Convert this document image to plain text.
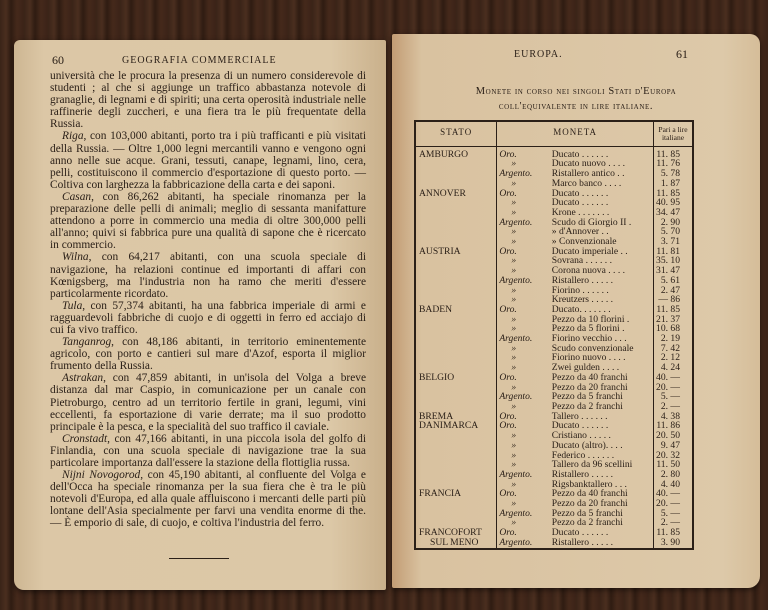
60	GEOGRAFIA COMMERCIALE

università che le procura la presenza di un numero considerevole di studenti ; al che si aggiunge un traffico abbastanza notevole di granaglie, di legnami e di spiriti; una certa operosità industriale nelle raffinerie degli zuccheri, e una fiera tra le più frequentate della Russia.

Riga, con 103,000 abitanti, porto tra i più trafficanti e più visitati della Russia. — Oltre 1,000 legni mercantili vanno e vengono ogni anno nelle sue acque. Grani, tessuti, canape, legnami, lino, cera, pelli, costituiscono il commercio d'esportazione di questo porto. — Coltiva con larghezza la fabbricazione della carta e dei saponi.

Casan, con 86,262 abitanti, ha speciale rinomanza per la preparazione delle pelli di animali; meglio di sessanta manifatture attendono a porre in commercio una media di oltre 300,000 pelli all'anno; quivi si fabbrica pure una qualità di sapone che è ricercato in commercio.

Wilna, con 64,217 abitanti, con una scuola speciale di navigazione, ha relazioni continue ed importanti di affari con Kœnigsberg, ma l'industria non ha ramo che meriti d'essere particolarmente ricordato.

Tula, con 57,374 abitanti, ha una fabbrica imperiale di armi e ragguardevoli fabbriche di cuojo e di oggetti in ferro ed acciajo di cui fa vivo traffico.

Tanganrog, con 48,186 abitanti, in territorio eminentemente agricolo, con porto e cantieri sul mare d'Azof, esporta il miglior frumento della Russia.

Astrakan, con 47,859 abitanti, in un'isola del Volga a breve distanza dal mar Caspio, in comunicazione per un canale con Pietroburgo, centro ad un territorio fertile in grani, legumi, vini eccellenti, fa esportazione di varie derrate; ma il suo prodotto principale è la pesca, e la specialità del suo traffico il caviale.

Cronstadt, con 47,166 abitanti, in una piccola isola del golfo di Finlandia, con una scuola speciale di navigazione trae la sua particolare importanza dall'essere la stazione della flottiglia russa.

Nijni Novogorod, con 45,190 abitanti, al confluente del Volga e dell'Occa ha speciale rinomanza per la sua fiera che è tra le più notevoli d'Europa, ed alla quale affluiscono i mercanti delle parti più lontane dell'Asia specialmente per farvi una vendita enorme di the. — È emporio di sale, di cuojo, e coltiva l'industria del ferro.

EUROPA.	61
Monete in corso nei singoli Stati d'Europa
coll'equivalente in lire italiane.
STATO	MONETA		Pari a lire italiane
AMBURGO	Oro.	Ducato . . . . . .	11. 85
	»	Ducato nuovo . . . .	11. 76
	Argento.	Ristallero antico . .	5. 78
	»	Marco banco . . . .	1. 87
ANNOVER	Oro.	Ducato . . . . . .	11. 85
	»	Ducato . . . . . .	40. 95
	»	Krone . . . . . . .	34. 47
	Argento.	Scudo di Giorgio II .	2. 90
	»	» d'Annover . .	5. 70
	»	» Convenzionale	3. 71
AUSTRIA	Oro.	Ducato imperiale . .	11. 81
	»	Sovrana . . . . . .	35. 10
	»	Corona nuova . . . .	31. 47
	Argento.	Ristallero . . . . .	5. 61
	»	Fiorino . . . . . .	2. 47
	»	Kreutzers . . . . .	— 86
BADEN	Oro.	Ducato. . . . . . .	11. 85
	»	Pezzo da 10 florini .	21. 37
	»	Pezzo da 5 florini .	10. 68
	Argento.	Fiorino vecchio . . .	2. 19
	»	Scudo convenzionale	7. 42
	»	Fiorino nuovo . . . .	2. 12
	»	Zwei gulden . . . .	4. 24
BELGIO	Oro.	Pezzo da 40 franchi	40. —
	»	Pezzo da 20 franchi	20. —
	Argento.	Pezzo da 5 franchi	5. —
	»	Pezzo da 2 franchi	2. —
BREMA	Oro.	Tallero . . . . . .	4. 38
DANIMARCA	Oro.	Ducato . . . . . .	11. 86
	»	Cristiano . . . . .	20. 50
	»	Ducato (altro). . . .	9. 47
	»	Federico . . . . . .	20. 32
	»	Tallero da 96 scellini	11. 50
	Argento.	Ristallero . . . . .	2. 80
	»	Rigsbanktallero . . .	4. 40
FRANCIA	Oro.	Pezzo da 40 franchi	40. —
	»	Pezzo da 20 franchi	20. —
	Argento.	Pezzo da 5 franchi	5. —
	»	Pezzo da 2 franchi	2. —
FRANCOFORT	Oro.	Ducato . . . . . .	11. 85
SUL MENO	Argento.	Ristallero . . . . .	3. 90
